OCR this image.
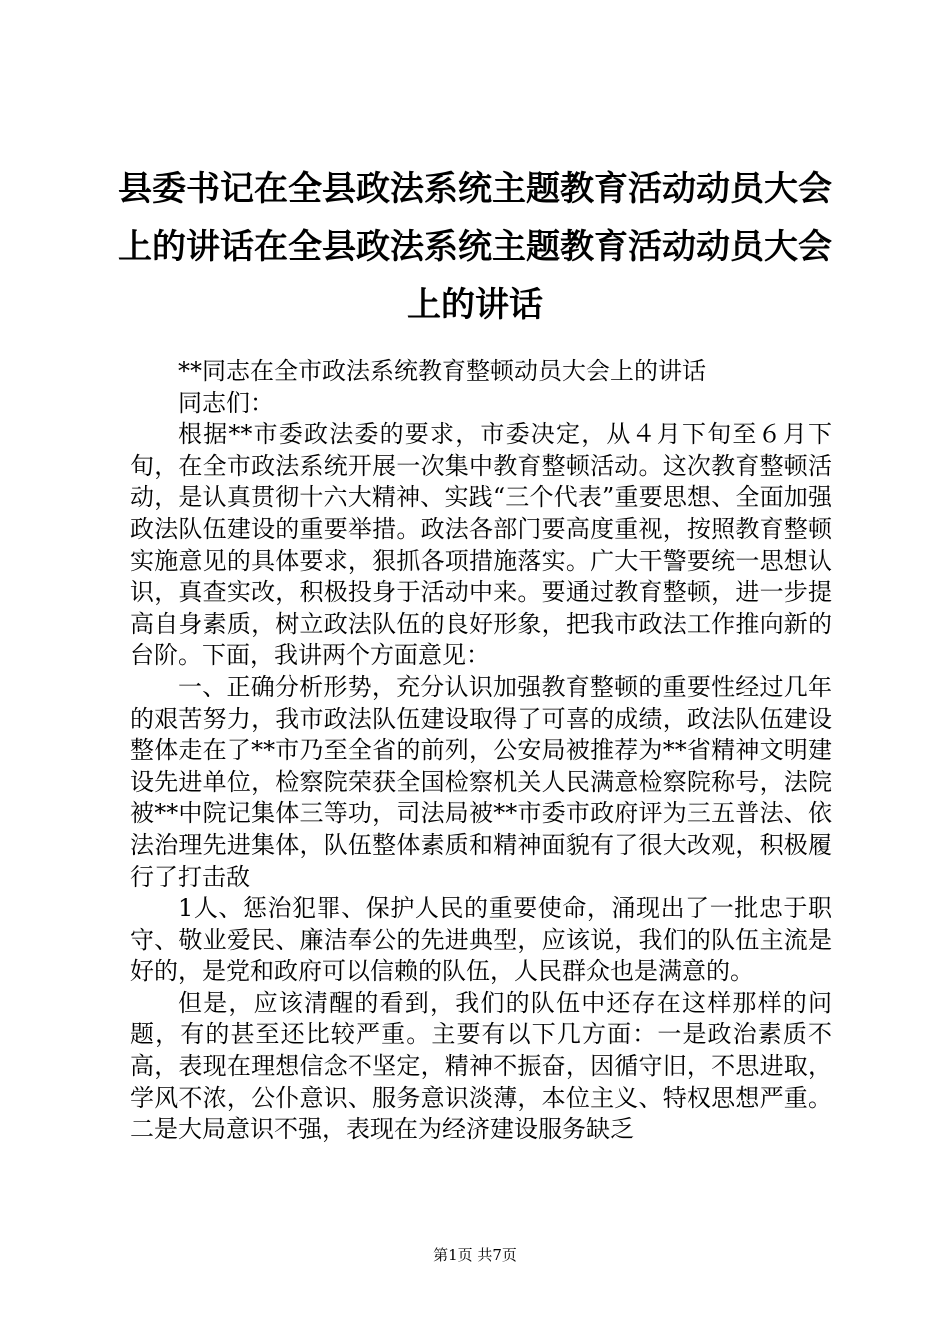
县委书记在全县政法系统主题教育活动动员大会上的讲话在全县政法系统主题教育活动动员大会上的讲话

**同志在全市政法系统教育整顿动员大会上的讲话

同志们：

根据**市委政法委的要求，市委决定，从４月下旬至６月下旬，在全市政法系统开展一次集中教育整顿活动。这次教育整顿活动，是认真贯彻十六大精神、实践“三个代表”重要思想、全面加强政法队伍建设的重要举措。政法各部门要高度重视，按照教育整顿实施意见的具体要求，狠抓各项措施落实。广大干警要统一思想认识，真查实改，积极投身于活动中来。要通过教育整顿，进一步提高自身素质，树立政法队伍的良好形象，把我市政法工作推向新的台阶。下面，我讲两个方面意见：

一、正确分析形势，充分认识加强教育整顿的重要性经过几年的艰苦努力，我市政法队伍建设取得了可喜的成绩，政法队伍建设整体走在了**市乃至全省的前列，公安局被推荐为**省精神文明建设先进单位，检察院荣获全国检察机关人民满意检察院称号，法院被**中院记集体三等功，司法局被**市委市政府评为三五普法、依法治理先进集体，队伍整体素质和精神面貌有了很大改观，积极履行了打击敌

1人、惩治犯罪、保护人民的重要使命，涌现出了一批忠于职守、敬业爱民、廉洁奉公的先进典型，应该说，我们的队伍主流是好的，是党和政府可以信赖的队伍，人民群众也是满意的。

但是，应该清醒的看到，我们的队伍中还存在这样那样的问题，有的甚至还比较严重。主要有以下几方面：一是政治素质不高，表现在理想信念不坚定，精神不振奋，因循守旧，不思进取，学风不浓，公仆意识、服务意识淡薄，本位主义、特权思想严重。二是大局意识不强，表现在为经济建设服务缺乏

第1页 共7页
